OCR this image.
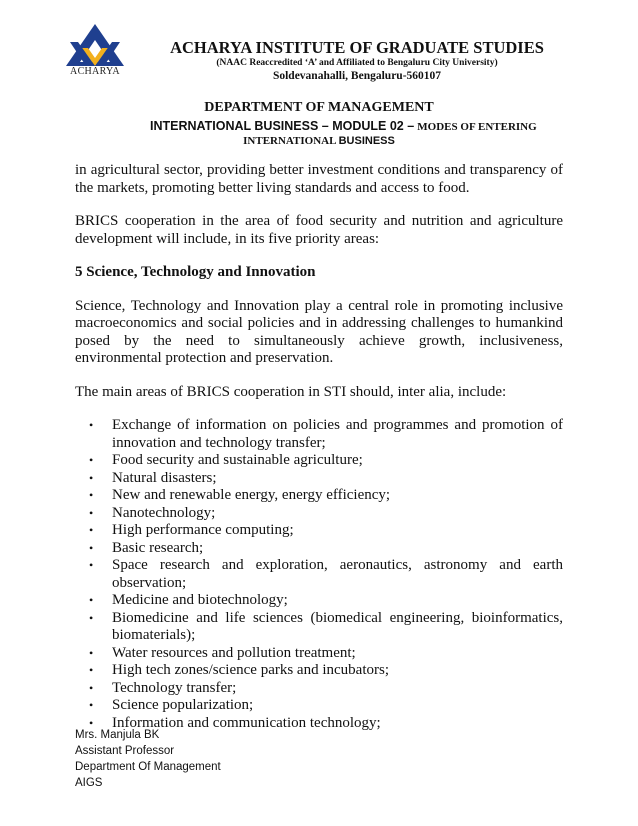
ACHARYA
ACHARYA INSTITUTE OF GRADUATE STUDIES
(NAAC Reaccredited ‘A’ and Affiliated to Bengaluru City University)
Soldevanahalli, Bengaluru-560107
DEPARTMENT OF MANAGEMENT
INTERNATIONAL BUSINESS – MODULE 02 – MODES OF ENTERING
INTERNATIONAL BUSINESS

in agricultural sector, providing better investment conditions and transparency of the markets, promoting better living standards and access to food.

BRICS cooperation in the area of food security and nutrition and agriculture development will include, in its five priority areas:

5 Science, Technology and Innovation

Science, Technology and Innovation play a central role in promoting inclusive macroeconomics and social policies and in addressing challenges to humankind posed by the need to simultaneously achieve growth, inclusiveness, environmental protection and preservation.

The main areas of BRICS cooperation in STI should, inter alia, include:

• Exchange of information on policies and programmes and promotion of innovation and technology transfer;
• Food security and sustainable agriculture;
• Natural disasters;
• New and renewable energy, energy efficiency;
• Nanotechnology;
• High performance computing;
• Basic research;
• Space research and exploration, aeronautics, astronomy and earth observation;
• Medicine and biotechnology;
• Biomedicine and life sciences (biomedical engineering, bioinformatics, biomaterials);
• Water resources and pollution treatment;
• High tech zones/science parks and incubators;
• Technology transfer;
• Science popularization;
• Information and communication technology;
Mrs. Manjula BK
Assistant Professor
Department Of Management
AIGS
